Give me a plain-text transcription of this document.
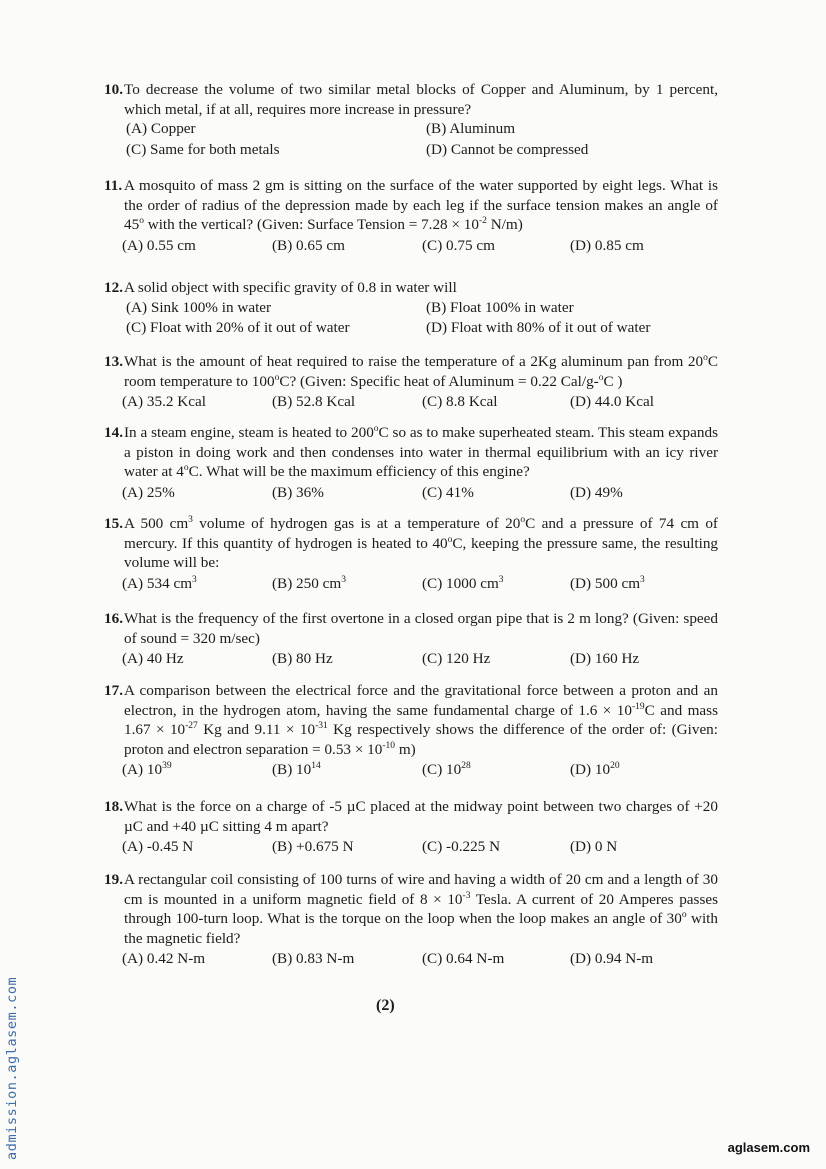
10. To decrease the volume of two similar metal blocks of Copper and Aluminum, by 1 percent, which metal, if at all, requires more increase in pressure?
(A) Copper	(B) Aluminum
(C) Same for both metals	(D) Cannot be compressed
11. A mosquito of mass 2 gm is sitting on the surface of the water supported by eight legs. What is the order of radius of the depression made by each leg if the surface tension makes an angle of 45$^o$ with the vertical? (Given: Surface Tension = $7.28 \times 10^{-2}$ N/m)
(A) 0.55 cm	(B) 0.65 cm	(C) 0.75 cm	(D) 0.85 cm
12. A solid object with specific gravity of 0.8 in water will
(A) Sink 100% in water	(B) Float 100% in water
(C) Float with 20% of it out of water	(D) Float with 80% of it out of water
13. What is the amount of heat required to raise the temperature of a 2Kg aluminum pan from 20$^o$C room temperature to 100$^o$C? (Given: Specific heat of Aluminum = 0.22 Cal/g-$^o$C )
(A) 35.2 Kcal	(B) 52.8 Kcal	(C) 8.8 Kcal	(D) 44.0 Kcal
14. In a steam engine, steam is heated to 200$^o$C so as to make superheated steam. This steam expands a piston in doing work and then condenses into water in thermal equilibrium with an icy river water at 4$^o$C. What will be the maximum efficiency of this engine?
(A) 25%	(B) 36%	(C) 41%	(D) 49%
15. A 500 $cm^3$ volume of hydrogen gas is at a temperature of 20$^o$C and a pressure of 74 cm of mercury. If this quantity of hydrogen is heated to 40$^o$C, keeping the pressure same, the resulting volume will be:
(A) 534 $cm^3$	(B) 250 $cm^3$	(C) 1000 $cm^3$	(D) 500 $cm^3$
16. What is the frequency of the first overtone in a closed organ pipe that is 2 m long? (Given: speed of sound = 320 m/sec)
(A) 40 Hz	(B) 80 Hz	(C) 120 Hz	(D) 160 Hz
17. A comparison between the electrical force and the gravitational force between a proton and an electron, in the hydrogen atom, having the same fundamental charge of $1.6 \times 10^{-19}C$ and mass $1.67 \times 10^{-27}$ Kg and $9.11 \times 10^{-31}$ Kg respectively shows the difference of the order of: (Given: proton and electron separation = $0.53 \times 10^{-10}$ m)
(A) $10^{39}$	(B) $10^{14}$	(C) $10^{28}$	(D) $10^{20}$
18. What is the force on a charge of -5 µC placed at the midway point between two charges of +20 µC and +40 µC sitting 4 m apart?
(A) -0.45 N	(B) +0.675 N	(C) -0.225 N	(D) 0 N
19. A rectangular coil consisting of 100 turns of wire and having a width of 20 cm and a length of 30 cm is mounted in a uniform magnetic field of $8 \times 10^{-3}$ Tesla. A current of 20 Amperes passes through 100-turn loop. What is the torque on the loop when the loop makes an angle of 30$^o$ with the magnetic field?
(A) 0.42 N-m	(B) 0.83 N-m	(C) 0.64 N-m	(D) 0.94 N-m
(2)
admission.aglasem.com	aglasem.com
